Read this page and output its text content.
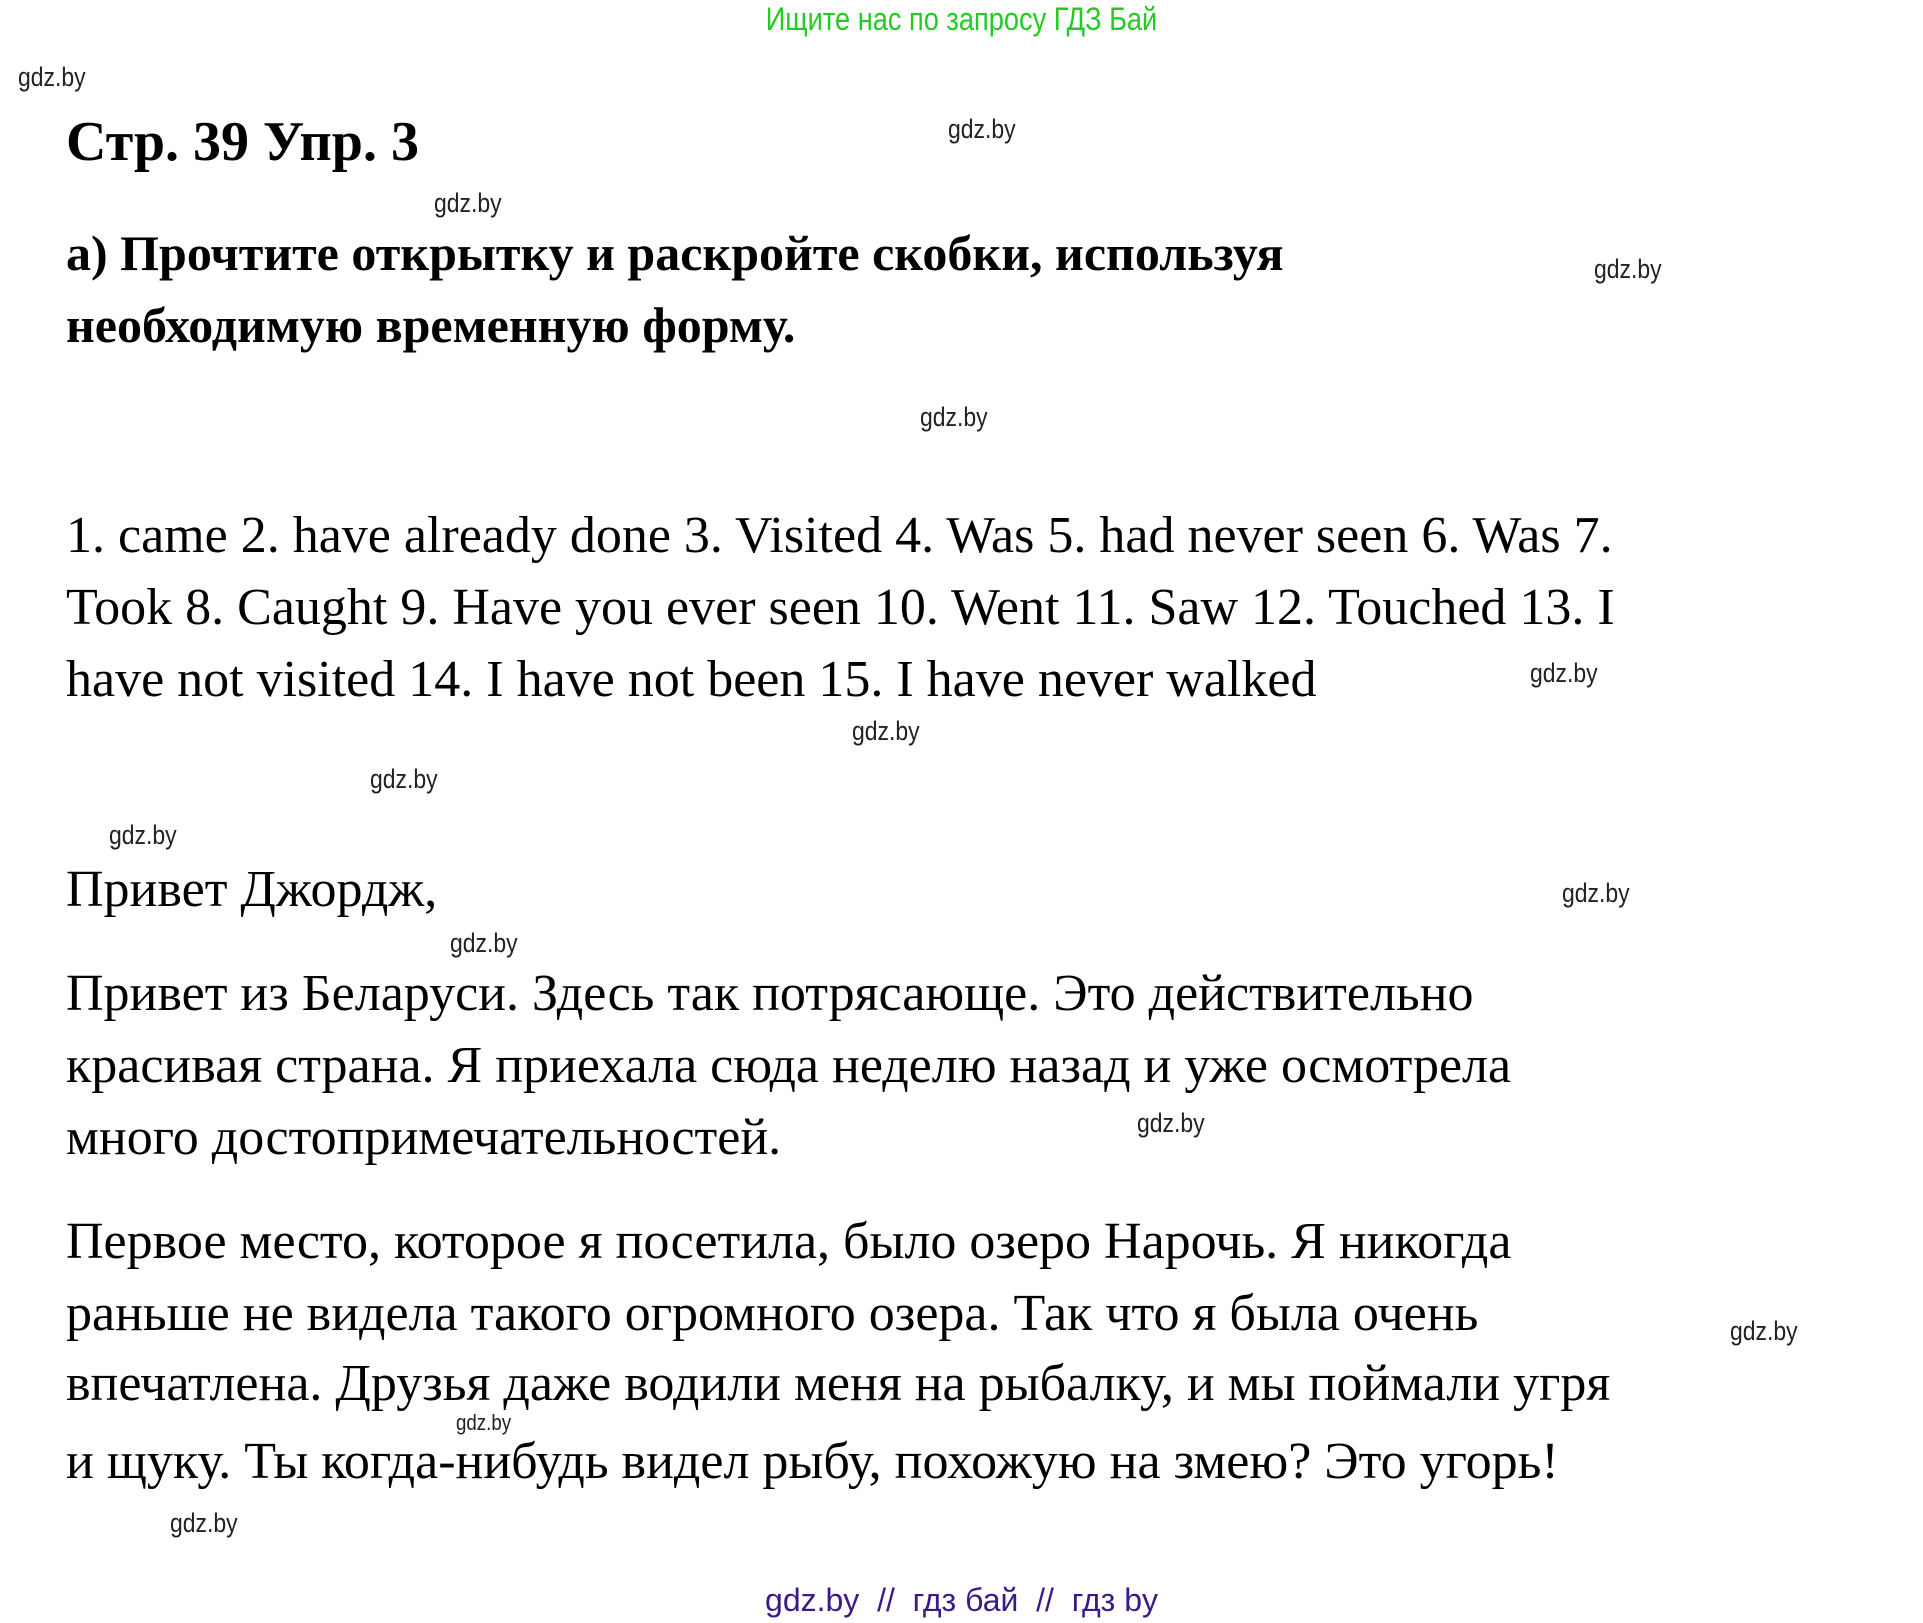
Ищите нас по запросу ГДЗ Бай
gdz.by
gdz.by
gdz.by
gdz.by
gdz.by
gdz.by
gdz.by
gdz.by
gdz.by
gdz.by
gdz.by
gdz.by
gdz.by
gdz.by
gdz.by
Стр. 39 Упр. 3
а) Прочтите открытку и раскройте скобки, используя
необходимую временную форму.
1. came 2. have already done 3. Visited 4. Was 5. had never seen 6. Was 7.
Took 8. Caught 9. Have you ever seen 10. Went 11. Saw 12. Touched 13. I
have not visited 14. I have not been 15. I have never walked
Привет Джордж,
Привет из Беларуси. Здесь так потрясающе. Это действительно
красивая страна. Я приехала сюда неделю назад и уже осмотрела
много достопримечательностей.
Первое место, которое я посетила, было озеро Нарочь. Я никогда
раньше не видела такого огромного озера. Так что я была очень
впечатлена. Друзья даже водили меня на рыбалку, и мы поймали угря
и щуку. Ты когда-нибудь видел рыбу, похожую на змею? Это угорь!
gdz.by  //  гдз бай  //  гдз by
